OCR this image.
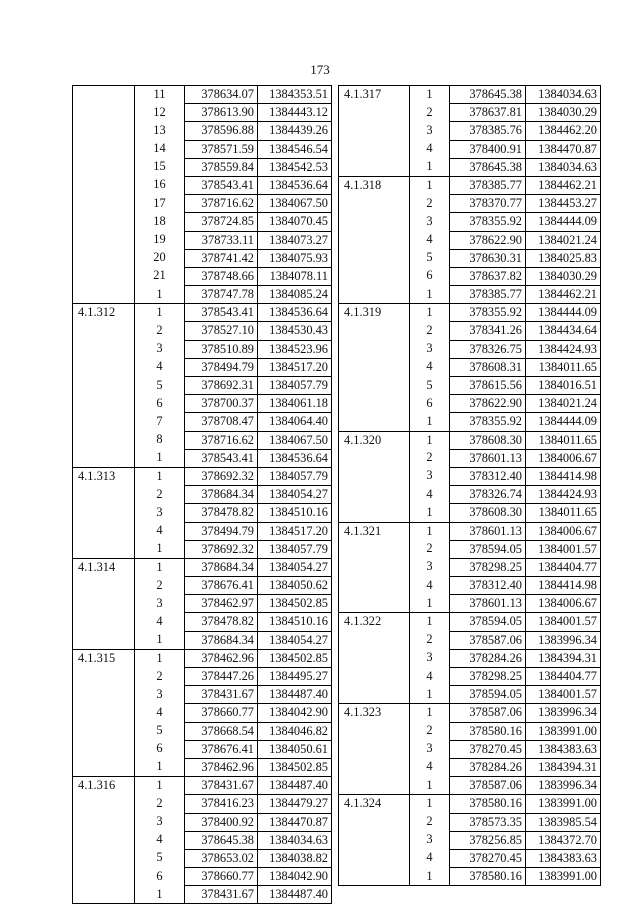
173
	11	378634.07	1384353.51
	12	378613.90	1384443.12
	13	378596.88	1384439.26
	14	378571.59	1384546.54
	15	378559.84	1384542.53
	16	378543.41	1384536.64
	17	378716.62	1384067.50
	18	378724.85	1384070.45
	19	378733.11	1384073.27
	20	378741.42	1384075.93
	21	378748.66	1384078.11
	1	378747.78	1384085.24
4.1.312	1	378543.41	1384536.64
	2	378527.10	1384530.43
	3	378510.89	1384523.96
	4	378494.79	1384517.20
	5	378692.31	1384057.79
	6	378700.37	1384061.18
	7	378708.47	1384064.40
	8	378716.62	1384067.50
	1	378543.41	1384536.64
4.1.313	1	378692.32	1384057.79
	2	378684.34	1384054.27
	3	378478.82	1384510.16
	4	378494.79	1384517.20
	1	378692.32	1384057.79
4.1.314	1	378684.34	1384054.27
	2	378676.41	1384050.62
	3	378462.97	1384502.85
	4	378478.82	1384510.16
	1	378684.34	1384054.27
4.1.315	1	378462.96	1384502.85
	2	378447.26	1384495.27
	3	378431.67	1384487.40
	4	378660.77	1384042.90
	5	378668.54	1384046.82
	6	378676.41	1384050.61
	1	378462.96	1384502.85
4.1.316	1	378431.67	1384487.40
	2	378416.23	1384479.27
	3	378400.92	1384470.87
	4	378645.38	1384034.63
	5	378653.02	1384038.82
	6	378660.77	1384042.90
	1	378431.67	1384487.40
4.1.317	1	378645.38	1384034.63
	2	378637.81	1384030.29
	3	378385.76	1384462.20
	4	378400.91	1384470.87
	1	378645.38	1384034.63
4.1.318	1	378385.77	1384462.21
	2	378370.77	1384453.27
	3	378355.92	1384444.09
	4	378622.90	1384021.24
	5	378630.31	1384025.83
	6	378637.82	1384030.29
	1	378385.77	1384462.21
4.1.319	1	378355.92	1384444.09
	2	378341.26	1384434.64
	3	378326.75	1384424.93
	4	378608.31	1384011.65
	5	378615.56	1384016.51
	6	378622.90	1384021.24
	1	378355.92	1384444.09
4.1.320	1	378608.30	1384011.65
	2	378601.13	1384006.67
	3	378312.40	1384414.98
	4	378326.74	1384424.93
	1	378608.30	1384011.65
4.1.321	1	378601.13	1384006.67
	2	378594.05	1384001.57
	3	378298.25	1384404.77
	4	378312.40	1384414.98
	1	378601.13	1384006.67
4.1.322	1	378594.05	1384001.57
	2	378587.06	1383996.34
	3	378284.26	1384394.31
	4	378298.25	1384404.77
	1	378594.05	1384001.57
4.1.323	1	378587.06	1383996.34
	2	378580.16	1383991.00
	3	378270.45	1384383.63
	4	378284.26	1384394.31
	1	378587.06	1383996.34
4.1.324	1	378580.16	1383991.00
	2	378573.35	1383985.54
	3	378256.85	1384372.70
	4	378270.45	1384383.63
	1	378580.16	1383991.00
